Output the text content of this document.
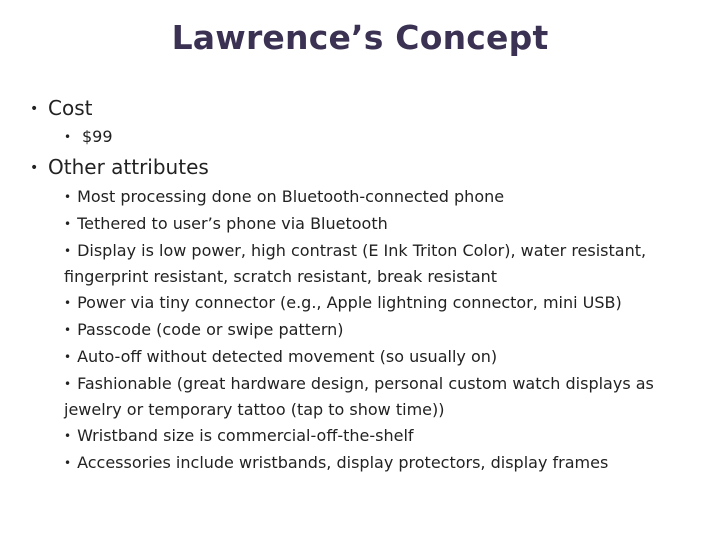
Lawrence’s Concept
• Cost
• $99
• Other attributes
• Most processing done on Bluetooth-connected phone
• Tethered to user’s phone via Bluetooth
• Display is low power, high contrast (E Ink Triton Color), water resistant, fingerprint resistant, scratch resistant, break resistant
• Power via tiny connector (e.g., Apple lightning connector, mini USB)
• Passcode (code or swipe pattern)
• Auto-off without detected movement (so usually on)
• Fashionable (great hardware design, personal custom watch displays as jewelry or temporary tattoo (tap to show time))
• Wristband size is commercial-off-the-shelf
• Accessories include wristbands, display protectors, display frames
